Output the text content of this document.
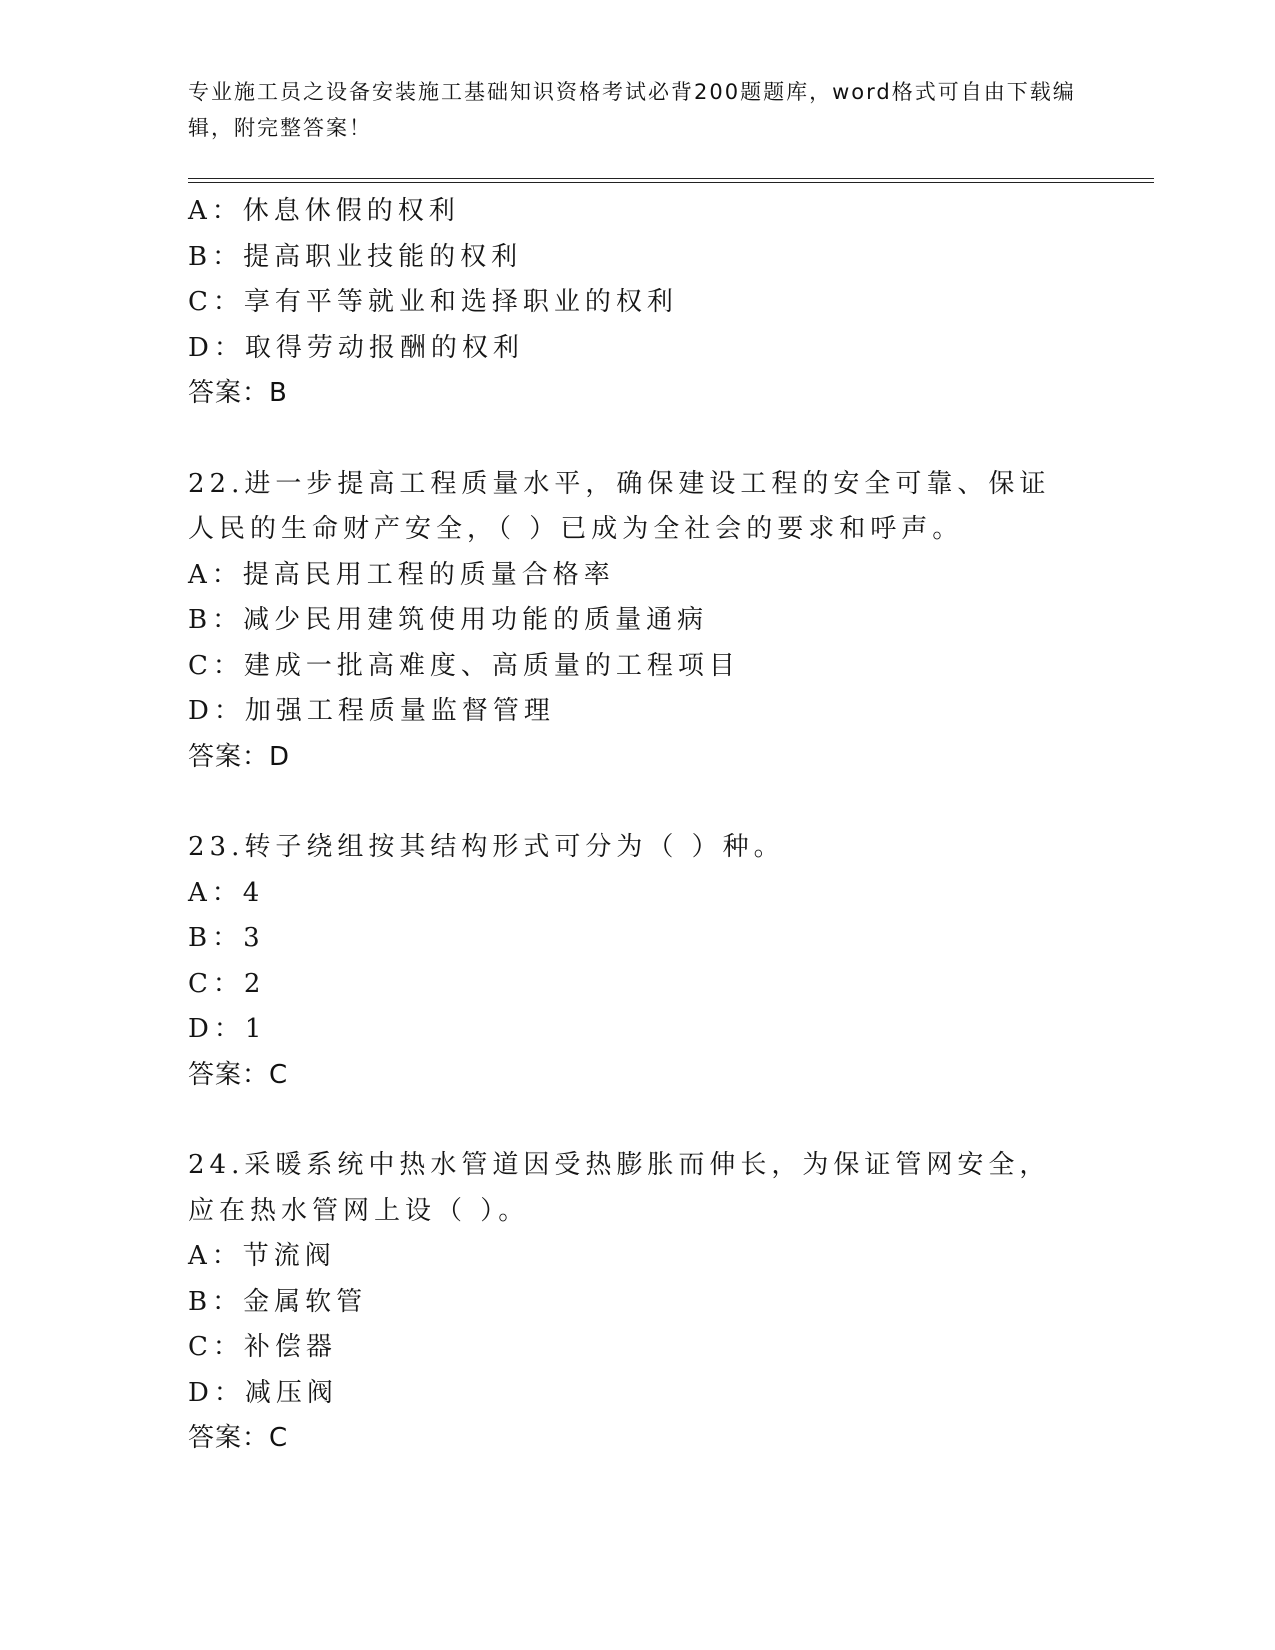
专业施工员之设备安装施工基础知识资格考试必背200题题库，word格式可自由下载编辑，附完整答案！
A：休息休假的权利
B：提高职业技能的权利
C：享有平等就业和选择职业的权利
D：取得劳动报酬的权利
答案：B
22.进一步提高工程质量水平，确保建设工程的安全可靠、保证人民的生命财产安全，（ ）已成为全社会的要求和呼声。
A：提高民用工程的质量合格率
B：减少民用建筑使用功能的质量通病
C：建成一批高难度、高质量的工程项目
D：加强工程质量监督管理
答案：D
23.转子绕组按其结构形式可分为（ ）种。
A：4
B：3
C：2
D：1
答案：C
24.采暖系统中热水管道因受热膨胀而伸长，为保证管网安全，应在热水管网上设（ ）。
A：节流阀
B：金属软管
C：补偿器
D：减压阀
答案：C
